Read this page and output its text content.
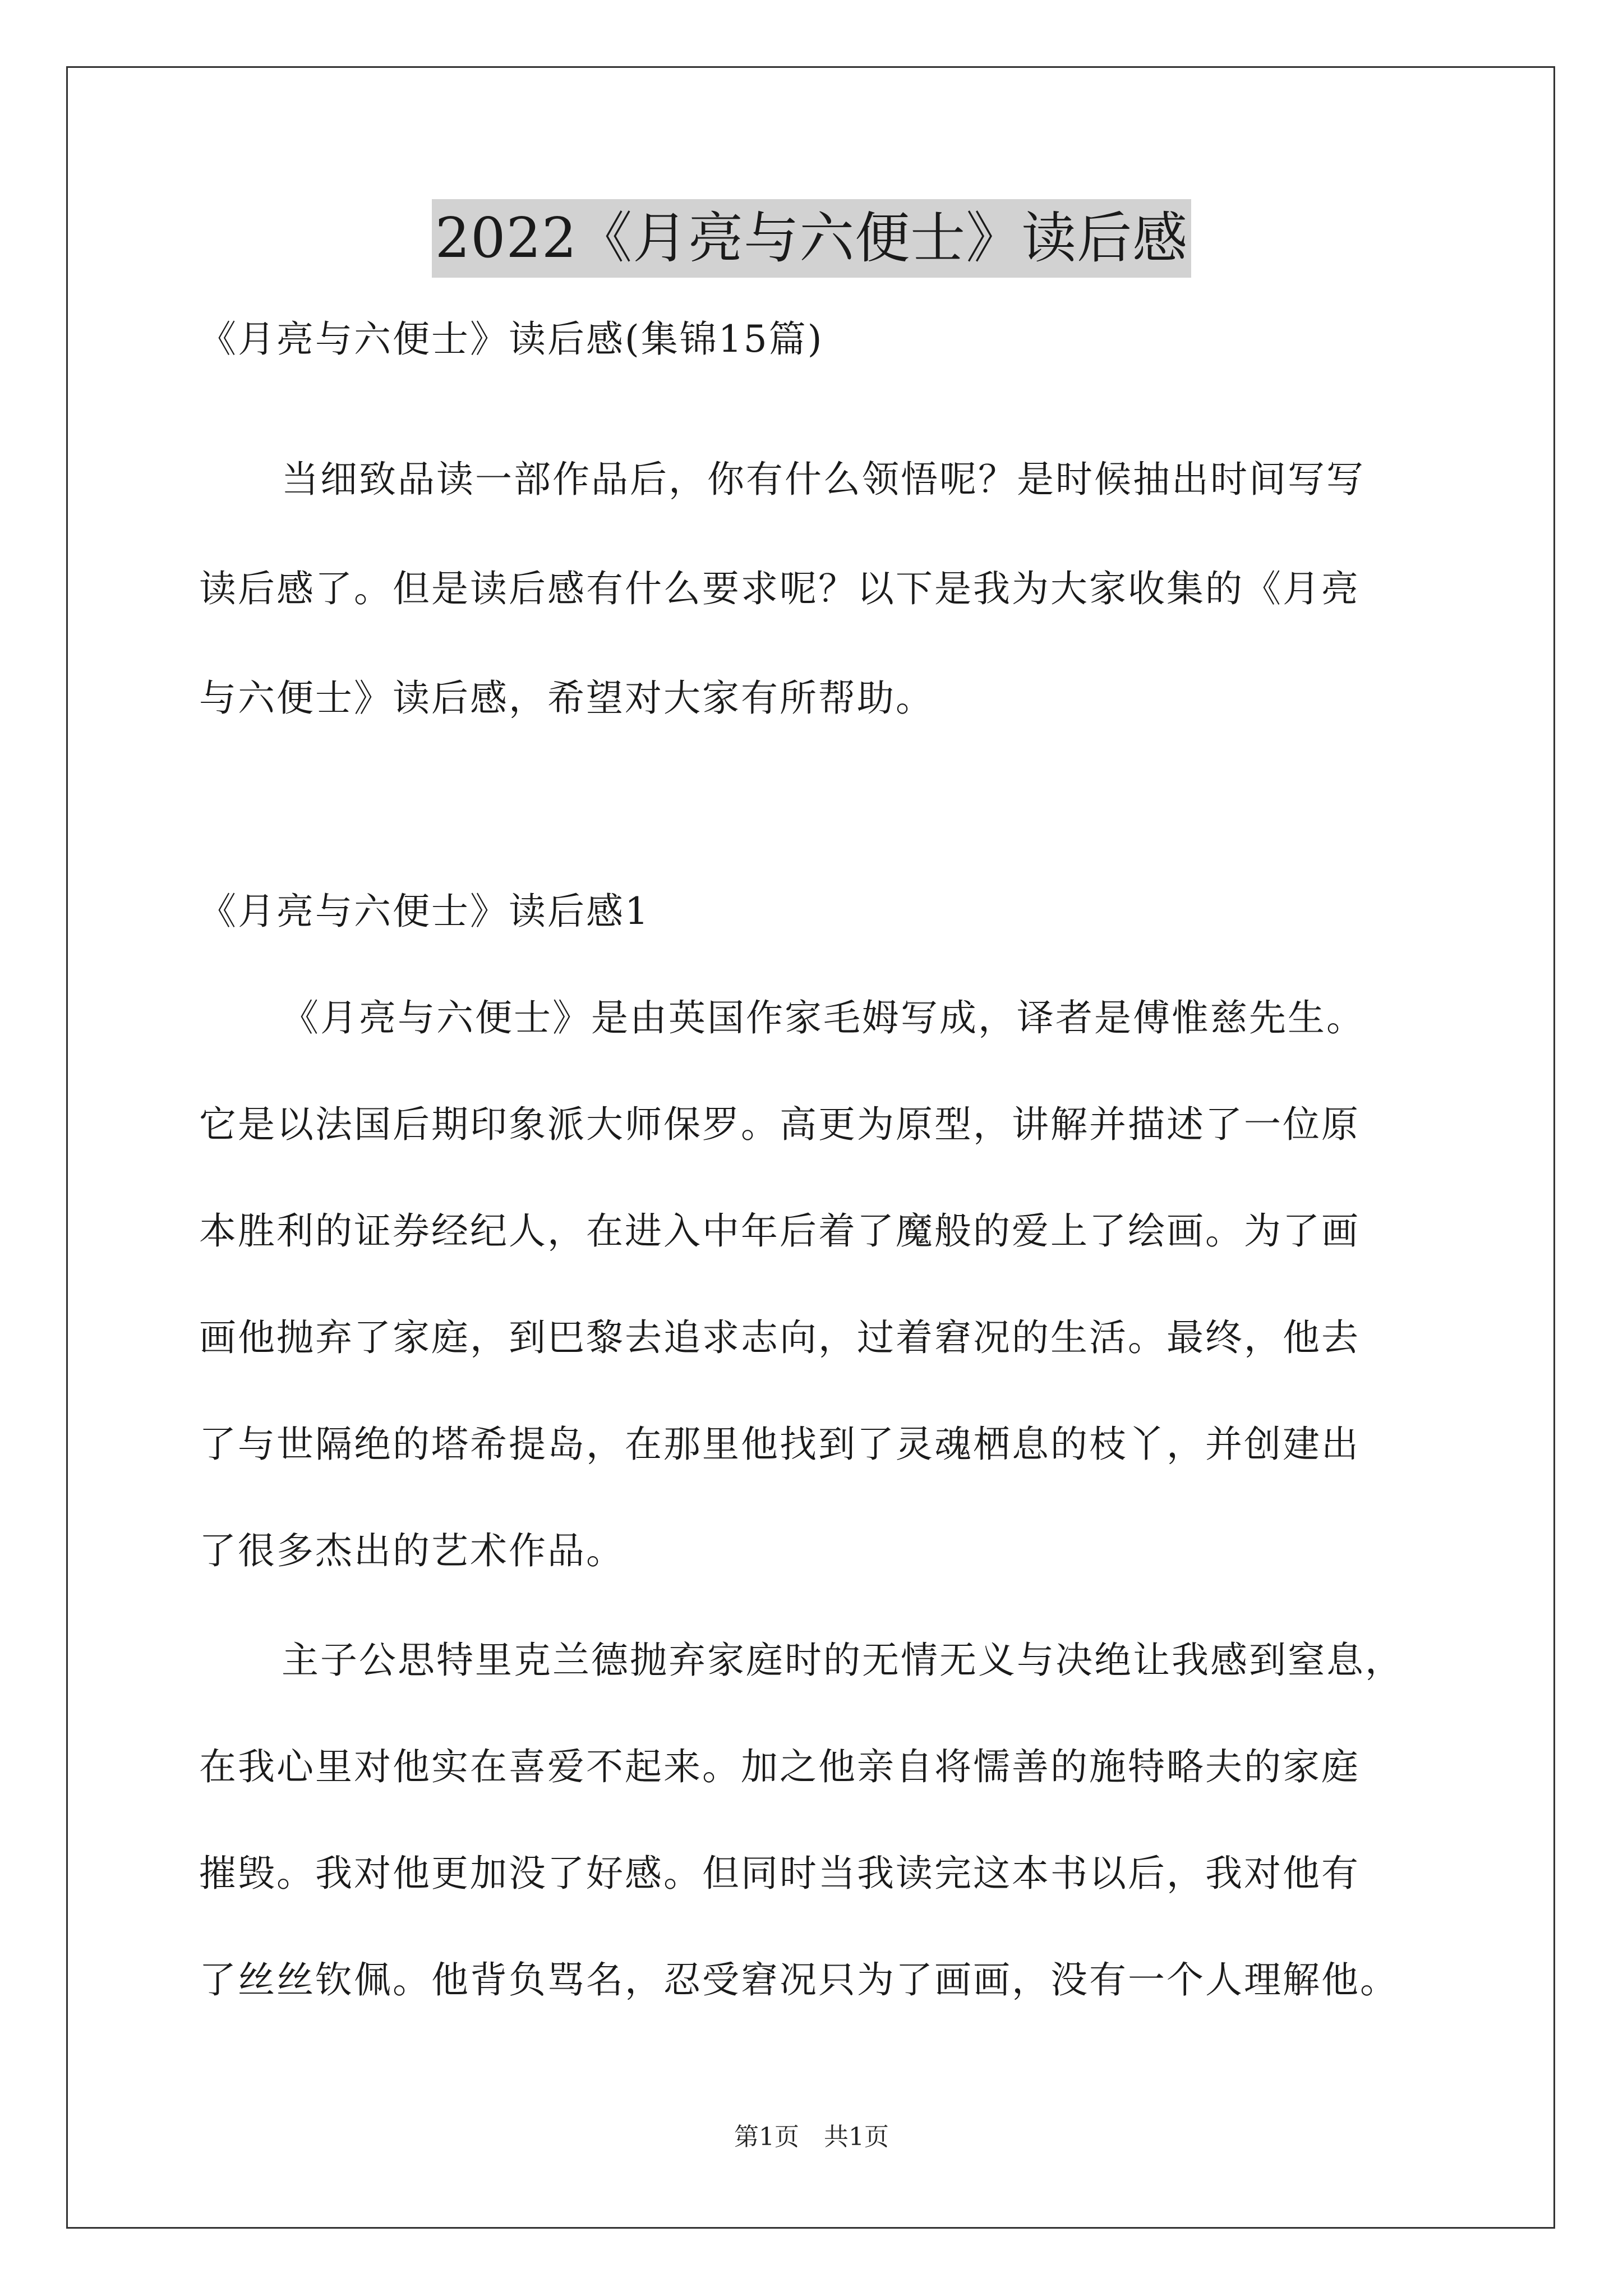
2022《月亮与六便士》读后感
《月亮与六便士》读后感(集锦15篇)
当细致品读一部作品后，你有什么领悟呢？是时候抽出时间写写
读后感了。但是读后感有什么要求呢？以下是我为大家收集的《月亮
与六便士》读后感，希望对大家有所帮助。
《月亮与六便士》读后感1
《月亮与六便士》是由英国作家毛姆写成，译者是傅惟慈先生。
它是以法国后期印象派大师保罗。高更为原型，讲解并描述了一位原
本胜利的证券经纪人，在进入中年后着了魔般的爱上了绘画。为了画
画他抛弃了家庭，到巴黎去追求志向，过着窘况的生活。最终，他去
了与世隔绝的塔希提岛，在那里他找到了灵魂栖息的枝丫，并创建出
了很多杰出的艺术作品。
主子公思特里克兰德抛弃家庭时的无情无义与决绝让我感到窒息，
在我心里对他实在喜爱不起来。加之他亲自将懦善的施特略夫的家庭
摧毁。我对他更加没了好感。但同时当我读完这本书以后，我对他有
了丝丝钦佩。他背负骂名，忍受窘况只为了画画，没有一个人理解他。
第1页　共1页
